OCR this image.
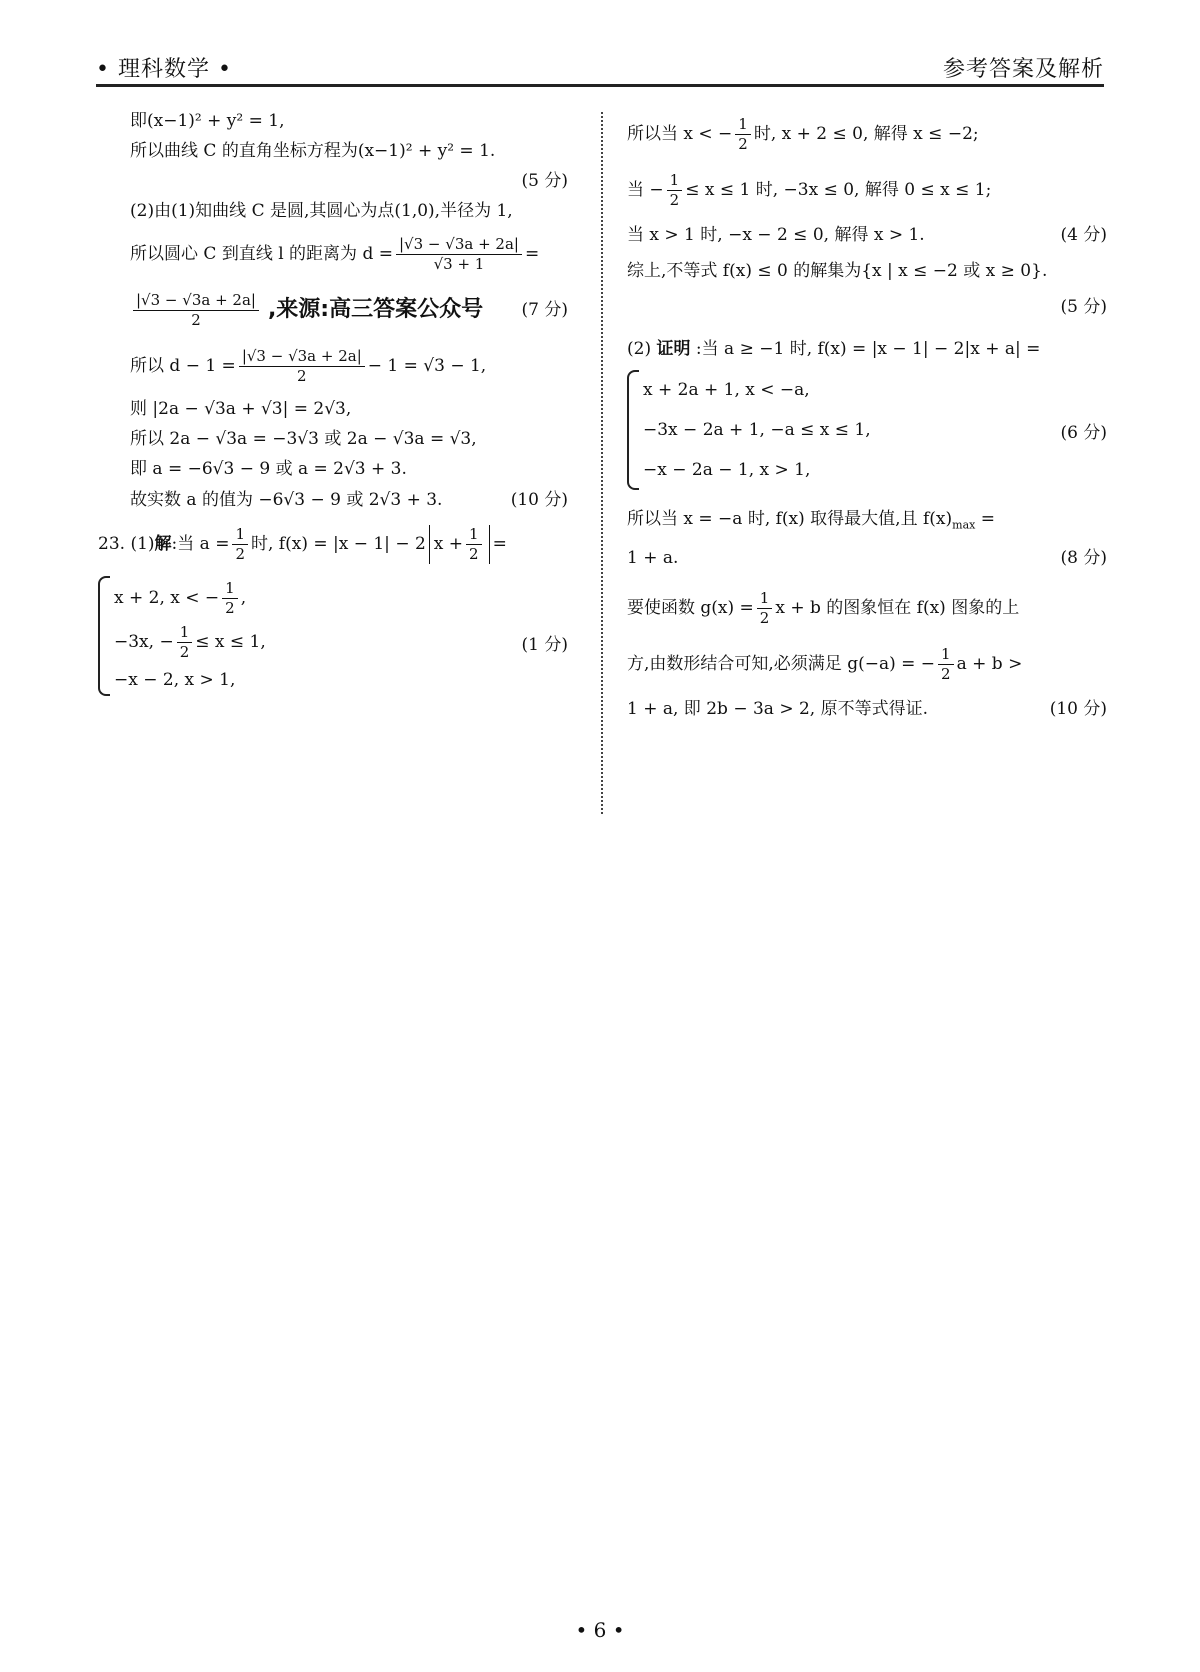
• 理科数学 •	参考答案及解析
即(x−1)² + y² = 1,
所以曲线 C 的直角坐标方程为(x−1)² + y² = 1.
(5 分)
(2)由(1)知曲线 C 是圆,其圆心为点(1,0),半径为 1,
所以圆心 C 到直线 l 的距离为 $d = \frac{|√3 - √3a + 2a|}{√3 + 1}$ =
$\frac{|√3 - √3a + 2a|}{2}$ ,来源:高三答案公众号 (7 分)
所以 $d - 1 = \frac{|√3 - √3a + 2a|}{2} - 1 = √3 - 1$,
则 |2a − √3a + √3| = 2√3,
所以 2a − √3a = −3√3 或 2a − √3a = √3,
即 a = −6√3 − 9 或 a = 2√3 + 3.
故实数 a 的值为 −6√3 − 9 或 2√3 + 3.	(10 分)
23. (1) 解 :当 $a = \frac{1}{2}$ 时, f(x) = |x − 1| − 2 $x + \frac{1}{2}$ =
x + 2, x < − $\frac{1}{2}$ ,
−3x, − $\frac{1}{2} \le x \le 1$,	(1 分)
−x − 2, x > 1,
所以当 x < − $\frac{1}{2}$ 时, x + 2 ≤ 0, 解得 x ≤ −2;
当 − $\frac{1}{2} \le x \le 1$ 时, −3x ≤ 0, 解得 0 ≤ x ≤ 1;
当 x > 1 时, −x − 2 ≤ 0, 解得 x > 1.	(4 分)
综上,不等式 f(x) ≤ 0 的解集为{x | x ≤ −2 或 x ≥ 0}.
(5 分)
(2) 证明 :当 a ≥ −1 时, f(x) = |x − 1| − 2|x + a| =
x + 2a + 1, x < −a,
−3x − 2a + 1, −a ≤ x ≤ 1,	(6 分)
−x − 2a − 1, x > 1,
所以当 x = −a 时, f(x) 取得最大值,且 $f(x)_{max}$ =
1 + a.	(8 分)
要使函数 $g(x) = \frac{1}{2}$ x + b 的图象恒在 f(x) 图象的上
方,由数形结合可知,必须满足 g(−a) = − $\frac{1}{2}$ a + b >
1 + a, 即 2b − 3a > 2, 原不等式得证.	(10 分)
• 6 •
